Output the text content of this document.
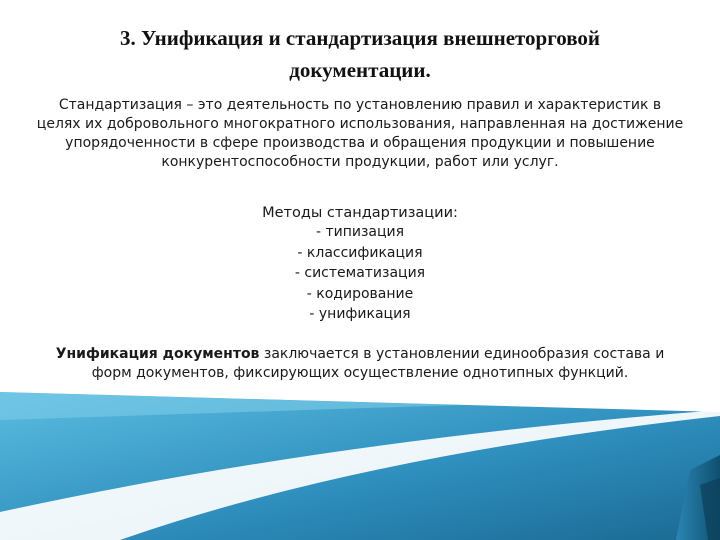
3. Унификация и стандартизация внешнеторговой
документации.
Стандартизация – это деятельность по установлению правил и характеристик в целях их добровольного многократного использования, направленная на достижение упорядоченности в сфере производства и обращения продукции и повышение конкурентоспособности продукции, работ или услуг.
Методы стандартизации:
- типизация
- классификация
- систематизация
- кодирование
- унификация
Унификация документов заключается в установлении единообразия состава и форм документов, фиксирующих осуществление однотипных функций.
